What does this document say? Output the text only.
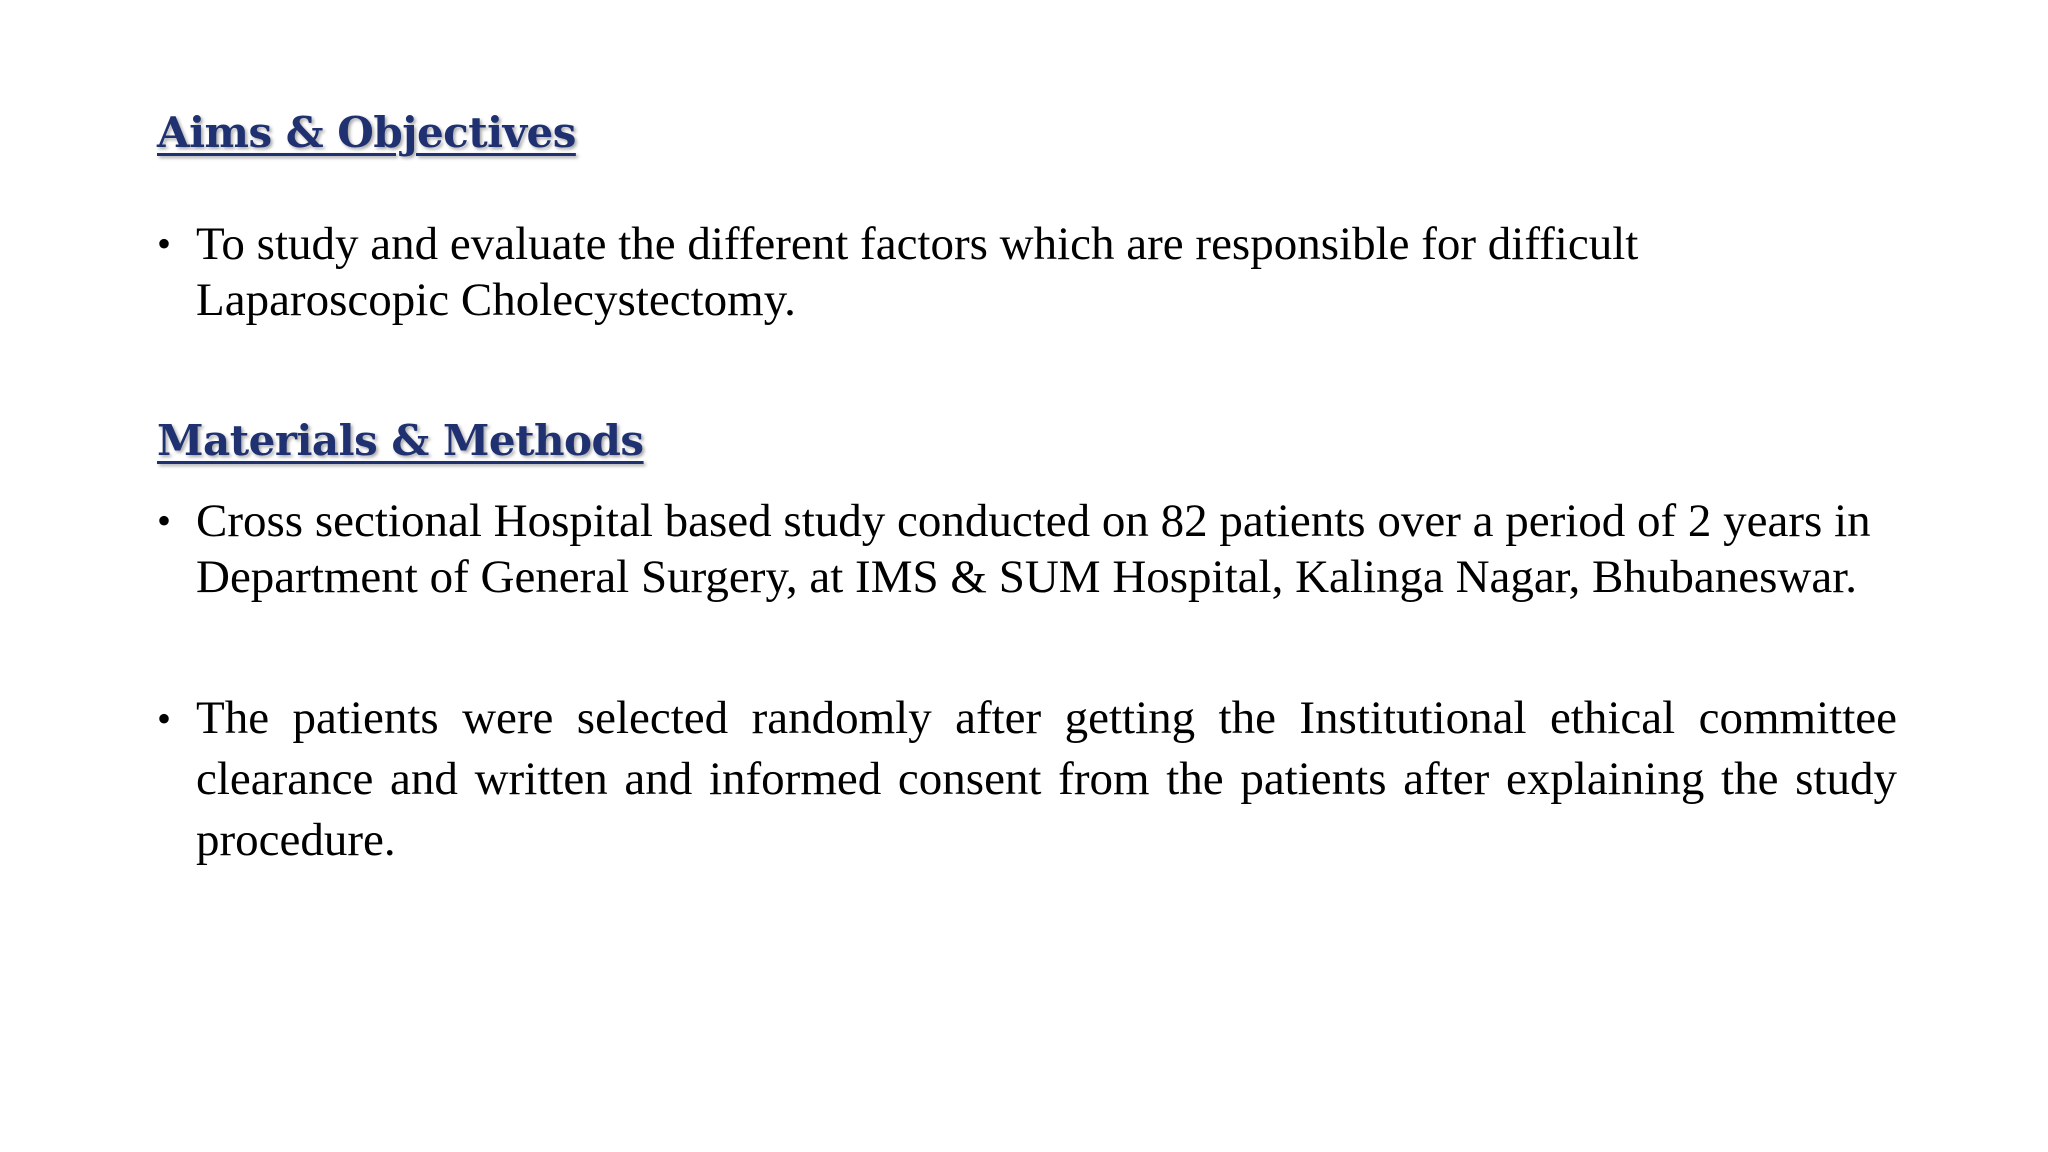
Aims & Objectives
• To study and evaluate the different factors which are responsible for difficult Laparoscopic Cholecystectomy.
Materials & Methods
• Cross sectional Hospital based study conducted on 82 patients over a period of 2 years in Department of General Surgery, at IMS & SUM Hospital, Kalinga Nagar, Bhubaneswar.
• The patients were selected randomly after getting the Institutional ethical committee clearance and written and informed consent from the patients after explaining the study procedure.
